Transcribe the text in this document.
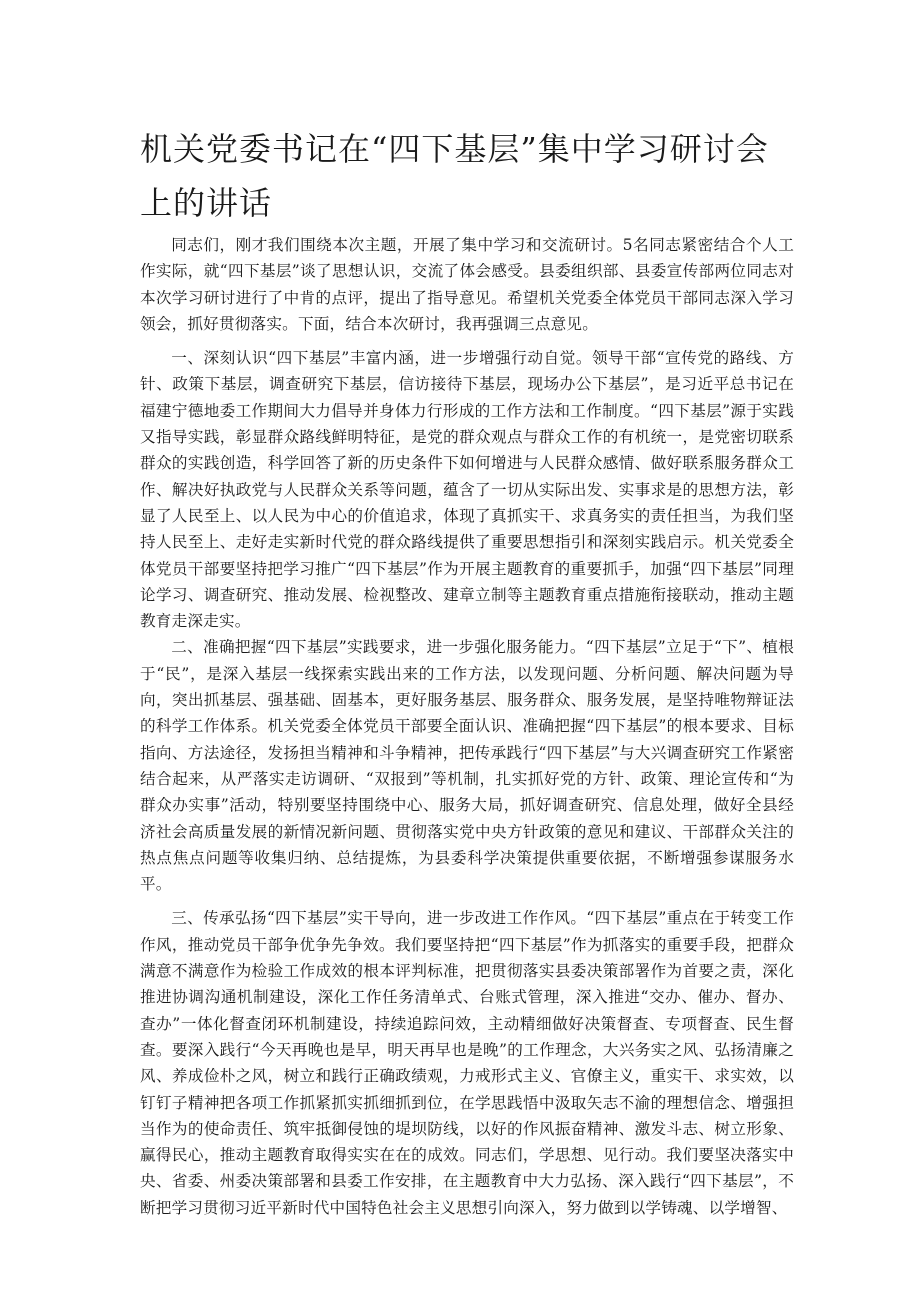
机关党委书记在“四下基层”集中学习研讨会上的讲话

同志们，刚才我们围绕本次主题，开展了集中学习和交流研讨。5名同志紧密结合个人工作实际，就“四下基层”谈了思想认识，交流了体会感受。县委组织部、县委宣传部两位同志对本次学习研讨进行了中肯的点评，提出了指导意见。希望机关党委全体党员干部同志深入学习领会，抓好贯彻落实。下面，结合本次研讨，我再强调三点意见。

一、深刻认识“四下基层”丰富内涵，进一步增强行动自觉。领导干部“宣传党的路线、方针、政策下基层，调查研究下基层，信访接待下基层，现场办公下基层”，是习近平总书记在福建宁德地委工作期间大力倡导并身体力行形成的工作方法和工作制度。“四下基层”源于实践又指导实践，彰显群众路线鲜明特征，是党的群众观点与群众工作的有机统一，是党密切联系群众的实践创造，科学回答了新的历史条件下如何增进与人民群众感情、做好联系服务群众工作、解决好执政党与人民群众关系等问题，蕴含了一切从实际出发、实事求是的思想方法，彰显了人民至上、以人民为中心的价值追求，体现了真抓实干、求真务实的责任担当，为我们坚持人民至上、走好走实新时代党的群众路线提供了重要思想指引和深刻实践启示。机关党委全体党员干部要坚持把学习推广“四下基层”作为开展主题教育的重要抓手，加强“四下基层”同理论学习、调查研究、推动发展、检视整改、建章立制等主题教育重点措施衔接联动，推动主题教育走深走实。

二、准确把握“四下基层”实践要求，进一步强化服务能力。“四下基层”立足于“下”、植根于“民”，是深入基层一线探索实践出来的工作方法，以发现问题、分析问题、解决问题为导向，突出抓基层、强基础、固基本，更好服务基层、服务群众、服务发展，是坚持唯物辩证法的科学工作体系。机关党委全体党员干部要全面认识、准确把握“四下基层”的根本要求、目标指向、方法途径，发扬担当精神和斗争精神，把传承践行“四下基层”与大兴调查研究工作紧密结合起来，从严落实走访调研、“双报到”等机制，扎实抓好党的方针、政策、理论宣传和“为群众办实事”活动，特别要坚持围绕中心、服务大局，抓好调查研究、信息处理，做好全县经济社会高质量发展的新情况新问题、贯彻落实党中央方针政策的意见和建议、干部群众关注的热点焦点问题等收集归纳、总结提炼，为县委科学决策提供重要依据，不断增强参谋服务水平。

三、传承弘扬“四下基层”实干导向，进一步改进工作作风。“四下基层”重点在于转变工作作风，推动党员干部争优争先争效。我们要坚持把“四下基层”作为抓落实的重要手段，把群众满意不满意作为检验工作成效的根本评判标准，把贯彻落实县委决策部署作为首要之责，深化推进协调沟通机制建设，深化工作任务清单式、台账式管理，深入推进“交办、催办、督办、查办”一体化督查闭环机制建设，持续追踪问效，主动精细做好决策督查、专项督查、民生督查。要深入践行“今天再晚也是早，明天再早也是晚”的工作理念，大兴务实之风、弘扬清廉之风、养成俭朴之风，树立和践行正确政绩观，力戒形式主义、官僚主义，重实干、求实效，以钉钉子精神把各项工作抓紧抓实抓细抓到位，在学思践悟中汲取矢志不渝的理想信念、增强担当作为的使命责任、筑牢抵御侵蚀的堤坝防线，以好的作风振奋精神、激发斗志、树立形象、赢得民心，推动主题教育取得实实在在的成效。同志们，学思想、见行动。我们要坚决落实中央、省委、州委决策部署和县委工作安排，在主题教育中大力弘扬、深入践行“四下基层”，不断把学习贯彻习近平新时代中国特色社会主义思想引向深入，努力做到以学铸魂、以学增智、
